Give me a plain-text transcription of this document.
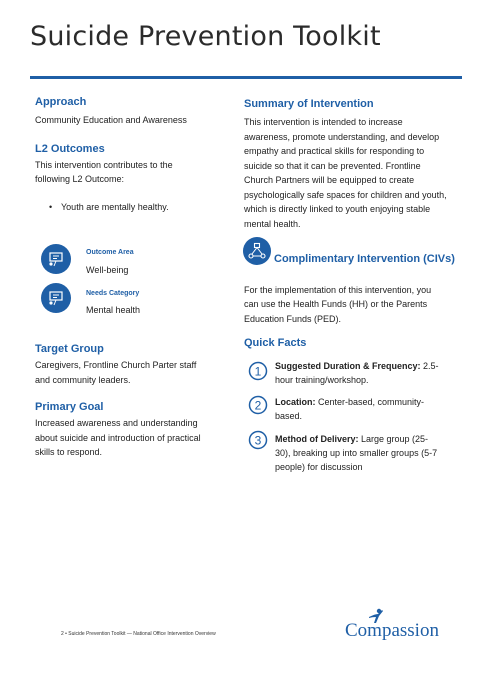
Suicide Prevention Toolkit
Approach
Community Education and Awareness
L2 Outcomes
This intervention contributes to the
following L2 Outcome:
• Youth are mentally healthy.
Outcome Area
Well-being
Needs Category
Mental health
Target Group
Caregivers, Frontline Church Parter staff
and community leaders.
Primary Goal
Increased awareness and understanding
about suicide and introduction of practical
skills to respond.
Summary of Intervention
This intervention is intended to increase
awareness, promote understanding, and develop
empathy and practical skills for responding to
suicide so that it can be prevented. Frontline
Church Partners will be equipped to create
psychologically safe spaces for children and youth,
which is directly linked to youth enjoying stable
mental health.
Complimentary Intervention (CIVs)
For the implementation of this intervention, you
can use the Health Funds (HH) or the Parents
Education Funds (PED).
Quick Facts
1 Suggested Duration & Frequency: 2.5-
hour training/workshop.
2 Location: Center-based, community-
based.
3 Method of Delivery: Large group (25-
30), breaking up into smaller groups (5-7
people) for discussion
2 • Suicide Prevention Toolkit — National Office Intervention Overview	Compassion
